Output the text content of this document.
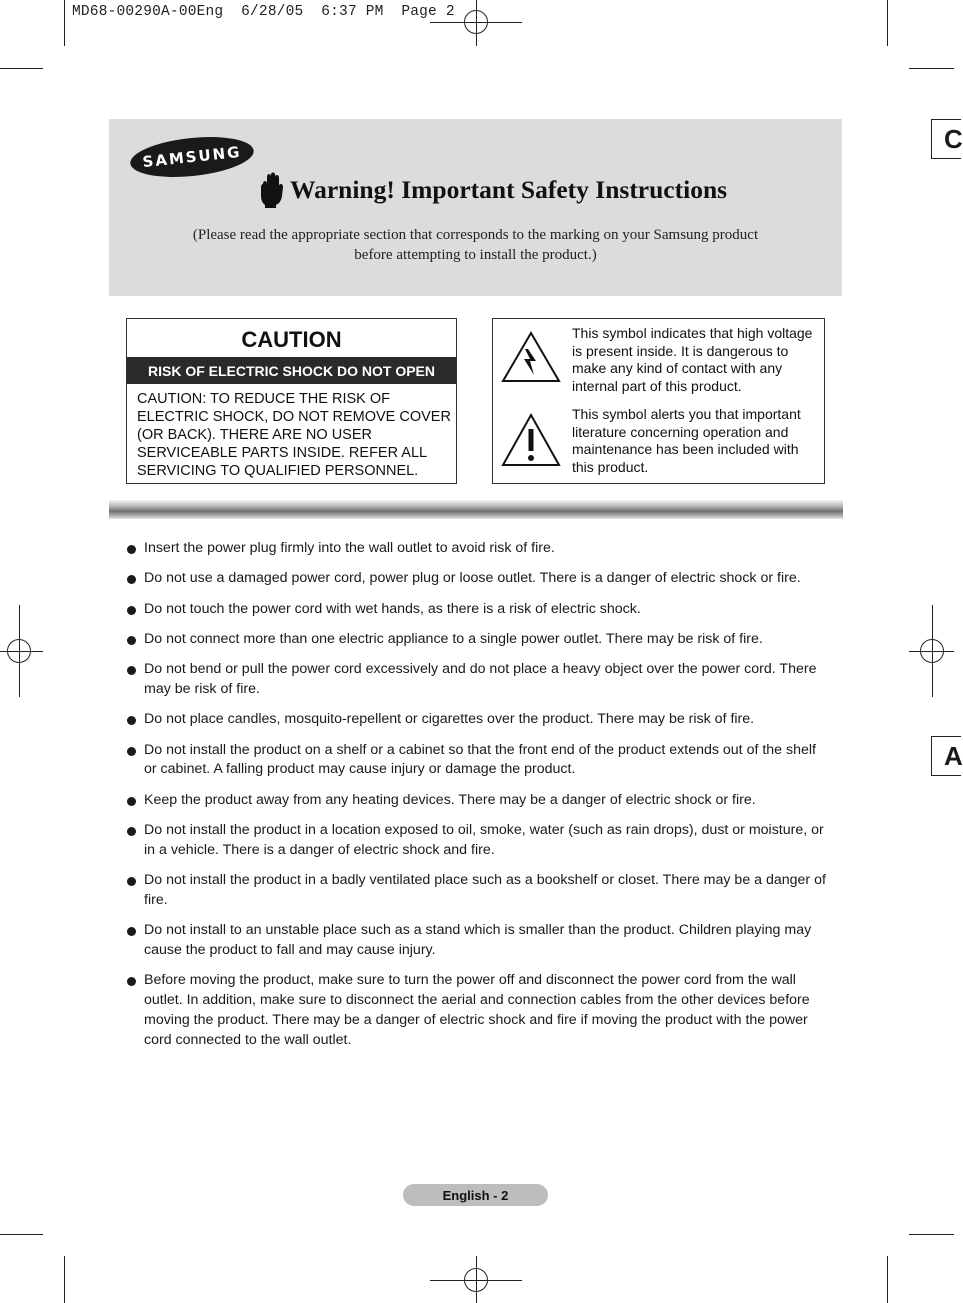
MD68-00290A-00Eng  6/28/05  6:37 PM  Page 2
C
A
SAMSUNG
Warning! Important Safety Instructions
(Please read the appropriate section that corresponds to the marking on your Samsung product
before attempting to install the product.)
CAUTION
RISK OF ELECTRIC SHOCK DO NOT OPEN
CAUTION: TO REDUCE THE RISK OF ELECTRIC SHOCK, DO NOT REMOVE COVER (OR BACK). THERE ARE NO USER SERVICEABLE PARTS INSIDE. REFER ALL SERVICING TO QUALIFIED PERSONNEL.
This symbol indicates that high voltage is present inside. It is dangerous to make any kind of contact with any internal part of this product.
This symbol alerts you that important literature concerning operation and maintenance has been included with this product.
Insert the power plug firmly into the wall outlet to avoid risk of fire.
Do not use a damaged power cord, power plug or loose outlet. There is a danger of electric shock or fire.
Do not touch the power cord with wet hands, as there is a risk of electric shock.
Do not connect more than one electric appliance to a single power outlet. There may be risk of fire.
Do not bend or pull the power cord excessively and do not place a heavy object over the power cord. There may be risk of fire.
Do not place candles, mosquito-repellent or cigarettes over the product. There may be risk of fire.
Do not install the product on a shelf or a cabinet so that the front end of the product extends out of the shelf or cabinet. A falling product may cause injury or damage the product.
Keep the product away from any heating devices. There may be a danger of electric shock or fire.
Do not install the product in a location exposed to oil, smoke, water (such as rain drops), dust or moisture, or in a vehicle. There is a danger of electric shock and fire.
Do not install the product in a badly ventilated place such as a bookshelf or closet. There may be a danger of fire.
Do not install to an unstable place such as a stand which is smaller than the product. Children playing may cause the product to fall and may cause injury.
Before moving the product, make sure to turn the power off and disconnect the power cord from the wall outlet. In addition, make sure to disconnect the aerial and connection cables from the other devices before moving the product. There may be a danger of electric shock and fire if moving the product with the power cord connected to the wall outlet.
English - 2
